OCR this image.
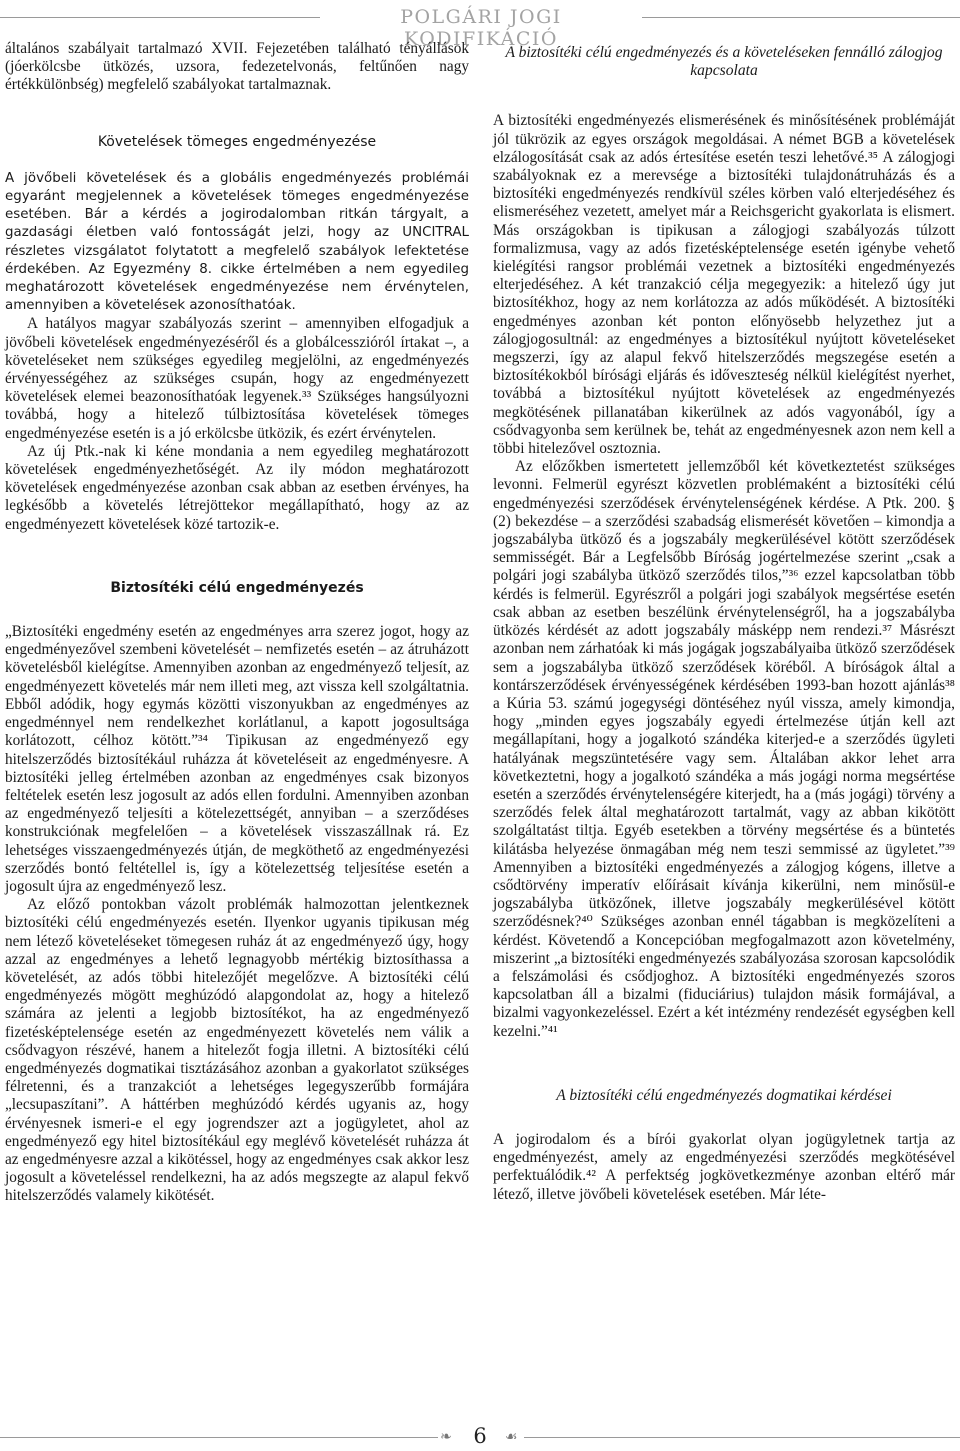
POLGÁRI JOGI KODIFIKÁCIÓ

általános szabályait tartalmazó XVII. Fejezetében található tényállások (jóerkölcsbe ütközés, uzsora, fedezetelvonás, feltűnően nagy értékkülönbség) megfelelő szabályokat tartalmaznak.

Követelések tömeges engedményezése

A jövőbeli követelések és a globális engedményezés problémái egyaránt megjelennek a követelések tömeges engedményezése esetében. Bár a kérdés a jogirodalomban ritkán tárgyalt, a gazdasági életben való fontosságát jelzi, hogy az UNCITRAL részletes vizsgálatot folytatott a megfelelő szabályok lefektetése érdekében. Az Egyezmény 8. cikke értelmében a nem egyedileg meghatározott követelések engedményezése nem érvénytelen, amennyiben a követelések azonosíthatóak.

A hatályos magyar szabályozás szerint – amennyiben elfogadjuk a jövőbeli követelések engedményezéséről és a globálcesszióról írtakat –, a követeléseket nem szükséges egyedileg megjelölni, az engedményezés érvényességéhez az szükséges csupán, hogy az engedményezett követelések elemei beazonosíthatóak legyenek.³³ Szükséges hangsúlyozni továbbá, hogy a hitelező túlbiztosítása követelések tömeges engedményezése esetén is a jó erkölcsbe ütközik, és ezért érvénytelen.

Az új Ptk.-nak ki kéne mondania a nem egyedileg meghatározott követelések engedményezhetőségét. Az ily módon meghatározott követelések engedményezése azonban csak abban az esetben érvényes, ha legkésőbb a követelés létrejöttekor megállapítható, hogy az az engedményezett követelések közé tartozik-e.

Biztosítéki célú engedményezés

„Biztosítéki engedmény esetén az engedményes arra szerez jogot, hogy az engedményezővel szembeni követelését – nemfizetés esetén – az átruházott követelésből kielégítse. Amennyiben azonban az engedményező teljesít, az engedményezett követelés már nem illeti meg, azt vissza kell szolgáltatnia. Ebből adódik, hogy egymás közötti viszonyukban az engedményes az engedménnyel nem rendelkezhet korlátlanul, a kapott jogosultsága korlátozott, célhoz kötött.”³⁴ Tipikusan az engedményező egy hitelszerződés biztosítékául ruházza át követeléseit az engedményesre. A biztosítéki jelleg értelmében azonban az engedményes csak bizonyos feltételek esetén lesz jogosult az adós ellen fordulni. Amennyiben azonban az engedményező teljesíti a kötelezettségét, annyiban – a szerződéses konstrukciónak megfelelően – a követelések visszaszállnak rá. Ez lehetséges visszaengedményezés útján, de megköthető az engedményezési szerződés bontó feltétellel is, így a kötelezettség teljesítése esetén a jogosult újra az engedményező lesz.

Az előző pontokban vázolt problémák halmozottan jelentkeznek biztosítéki célú engedményezés esetén. Ilyenkor ugyanis tipikusan még nem létező követeléseket tömegesen ruház át az engedményező úgy, hogy azzal az engedményes a lehető legnagyobb mértékig biztosíthassa a követelését, az adós többi hitelezőjét megelőzve. A biztosítéki célú engedményezés mögött meghúzódó alapgondolat az, hogy a hitelező számára az jelenti a legjobb biztosítékot, ha az engedményező fizetésképtelensége esetén az engedményezett követelés nem válik a csődvagyon részévé, hanem a hitelezőt fogja illetni. A biztosítéki célú engedményezés dogmatikai tisztázásához azonban a gyakorlatot szükséges félretenni, és a tranzakciót a lehetséges legegyszerűbb formájára „lecsupaszítani”. A háttérben meghúzódó kérdés ugyanis az, hogy érvényesnek ismeri-e el egy jogrendszer azt a jogügyletet, ahol az engedményező egy hitel biztosítékául egy meglévő követelését ruházza át az engedményesre azzal a kikötéssel, hogy az engedményes csak akkor lesz jogosult a követeléssel rendelkezni, ha az adós megszegte az alapul fekvő hitelszerződés valamely kikötését.

A biztosítéki célú engedményezés és a követeléseken fennálló zálogjog kapcsolata

A biztosítéki engedményezés elismerésének és minősítésének problémáját jól tükrözik az egyes országok megoldásai. A német BGB a követelések elzálogosítását csak az adós értesítése esetén teszi lehetővé.³⁵ A zálogjogi szabályoknak ez a merevsége a biztosítéki tulajdonátruházás és a biztosítéki engedményezés rendkívül széles körben való elterjedéséhez és elismeréséhez vezetett, amelyet már a Reichsgericht gyakorlata is elismert. Más országokban is tipikusan a zálogjogi szabályozás túlzott formalizmusa, vagy az adós fizetésképtelensége esetén igénybe vehető kielégítési rangsor problémái vezetnek a biztosítéki engedményezés elterjedéséhez. A két tranzakció célja megegyezik: a hitelező úgy jut biztosítékhoz, hogy az nem korlátozza az adós működését. A biztosítéki engedményes azonban két ponton előnyösebb helyzethez jut a zálogjogosultnál: az engedményes a biztosítékul nyújtott követeléseket megszerzi, így az alapul fekvő hitelszerződés megszegése esetén a biztosítékokból bírósági eljárás és időveszteség nélkül kielégítést nyerhet, továbbá a biztosítékul nyújtott követelések az engedményezés megkötésének pillanatában kikerülnek az adós vagyonából, így a csődvagyonba sem kerülnek be, tehát az engedményesnek azon nem kell a többi hitelezővel osztoznia.

Az előzőkben ismertetett jellemzőből két következtetést szükséges levonni. Felmerül egyrészt közvetlen problémaként a biztosítéki célú engedményezési szerződések érvénytelenségének kérdése. A Ptk. 200. § (2) bekezdése – a szerződési szabadság elismerését követően – kimondja a jogszabályba ütköző és a jogszabály megkerülésével kötött szerződések semmisségét. Bár a Legfelsőbb Bíróság jogértelmezése szerint „csak a polgári jogi szabályba ütköző szerződés tilos,”³⁶ ezzel kapcsolatban több kérdés is felmerül. Egyrészről a polgári jogi szabályok megsértése esetén csak abban az esetben beszélünk érvénytelenségről, ha a jogszabályba ütközés kérdését az adott jogszabály másképp nem rendezi.³⁷ Másrészt azonban nem zárhatóak ki más jogágak jogszabályaiba ütköző szerződések sem a jogszabályba ütköző szerződések köréből. A bíróságok által a kontárszerződések érvényességének kérdésében 1993-ban hozott ajánlás³⁸ a Kúria 53. számú jogegységi döntéséhez nyúl vissza, amely kimondja, hogy „minden egyes jogszabály egyedi értelmezése útján kell azt megállapítani, hogy a jogalkotó szándéka kiterjed-e a szerződés ügyleti hatályának megszüntetésére vagy sem. Általában akkor lehet arra következtetni, hogy a jogalkotó szándéka a más jogági norma megsértése esetén a szerződés érvénytelenségére kiterjedt, ha a (más jogági) törvény a szerződés felek által meghatározott tartalmát, vagy az abban kikötött szolgáltatást tiltja. Egyéb esetekben a törvény megsértése és a büntetés kilátásba helyezése önmagában még nem teszi semmissé az ügyletet.”³⁹ Amennyiben a biztosítéki engedményezés a zálogjog kógens, illetve a csődtörvény imperatív előírásait kívánja kikerülni, nem minősül-e jogszabályba ütközőnek, illetve jogszabály megkerülésével kötött szerződésnek?⁴⁰ Szükséges azonban ennél tágabban is megközelíteni a kérdést. Követendő a Koncepcióban megfogalmazott azon követelmény, miszerint „a biztosítéki engedményezés szabályozása szorosan kapcsolódik a felszámolási és csődjoghoz. A biztosítéki engedményezés szoros kapcsolatban áll a bizalmi (fiduciárius) tulajdon másik formájával, a bizalmi vagyonkezeléssel. Ezért a két intézmény rendezését egységben kell kezelni.”⁴¹

A biztosítéki célú engedményezés dogmatikai kérdései

A jogirodalom és a bírói gyakorlat olyan jogügyletnek tartja az engedményezést, amely az engedményezési szerződés megkötésével perfektuálódik.⁴² A perfektség jogkövetkezménye azonban eltérő már létező, illetve jövőbeli követelések esetében. Már léte-

❧	6	☙
